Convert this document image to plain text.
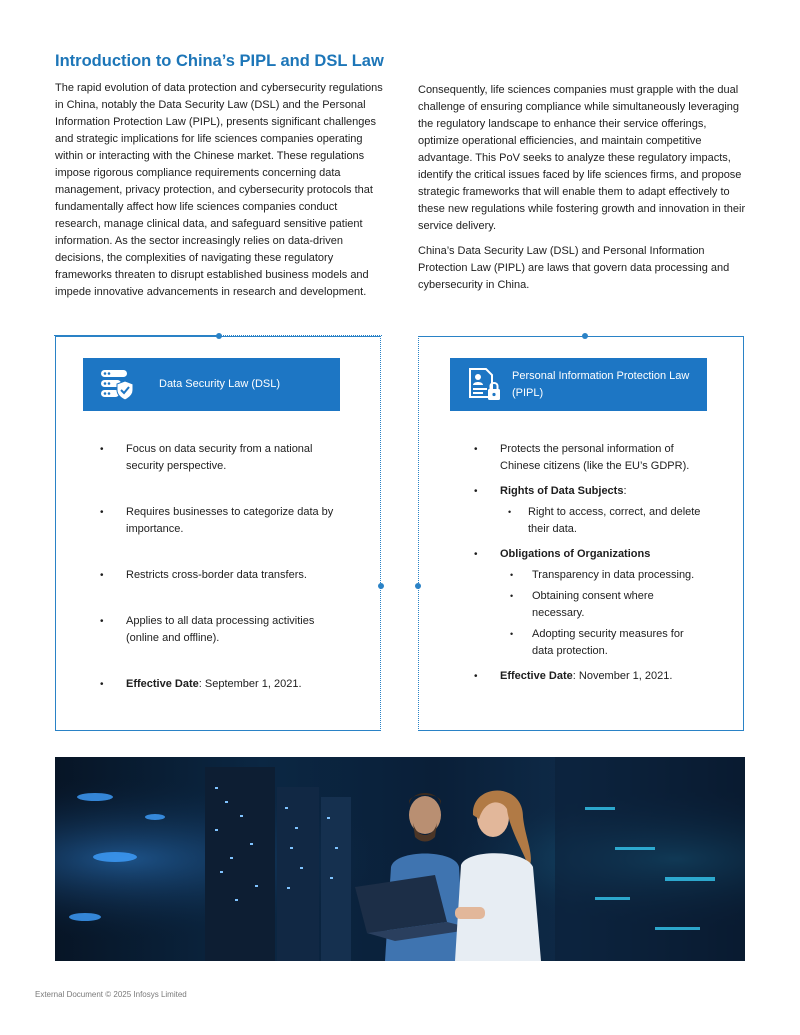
Introduction to China’s PIPL and DSL Law

The rapid evolution of data protection and cybersecurity regulations in China, notably the Data Security Law (DSL) and the Personal Information Protection Law (PIPL), presents significant challenges and strategic implications for life sciences companies operating within or interacting with the Chinese market. These regulations impose rigorous compliance requirements concerning data management, privacy protection, and cybersecurity protocols that fundamentally affect how life sciences companies conduct research, manage clinical data, and safeguard sensitive patient information. As the sector increasingly relies on data-driven decisions, the complexities of navigating these regulatory frameworks threaten to disrupt established business models and impede innovative advancements in research and development.

Consequently, life sciences companies must grapple with the dual challenge of ensuring compliance while simultaneously leveraging the regulatory landscape to enhance their service offerings, optimize operational efficiencies, and maintain competitive advantage. This PoV seeks to analyze these regulatory impacts, identify the critical issues faced by life sciences firms, and propose strategic frameworks that will enable them to adapt effectively to these new regulations while fostering growth and innovation in their service delivery.

China’s Data Security Law (DSL) and Personal Information Protection Law (PIPL) are laws that govern data processing and cybersecurity in China.

Data Security Law (DSL)
• Focus on data security from a national security perspective.
• Requires businesses to categorize data by importance.
• Restricts cross-border data transfers.
• Applies to all data processing activities (online and offline).
• Effective Date: September 1, 2021.
Personal Information Protection Law (PIPL)
• Protects the personal information of Chinese citizens (like the EU’s GDPR).
• Rights of Data Subjects:
• Right to access, correct, and delete their data.
• Obligations of Organizations
• Transparency in data processing.
• Obtaining consent where necessary.
• Adopting security measures for data protection.
• Effective Date: November 1, 2021.
External Document © 2025 Infosys Limited
